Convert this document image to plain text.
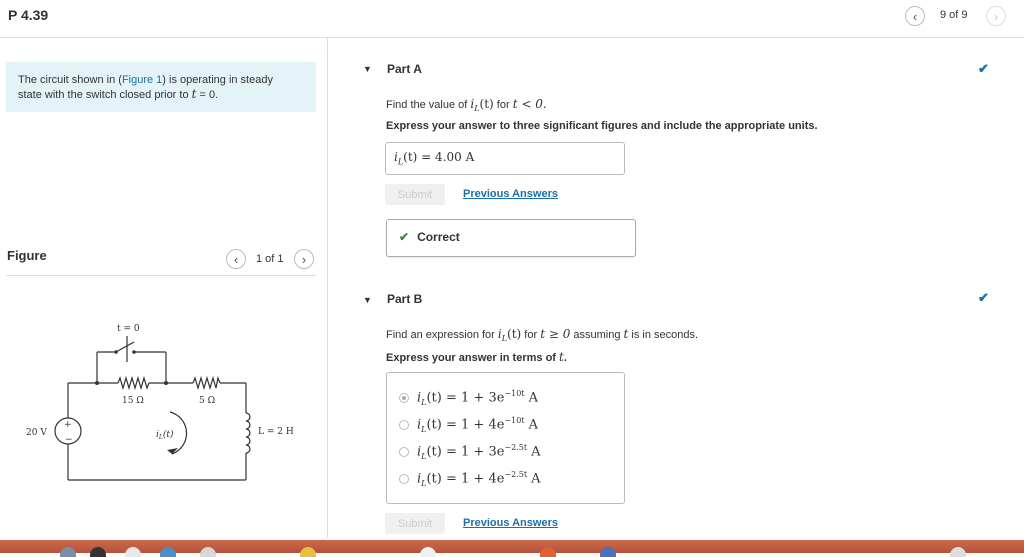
P 4.39	‹ 9 of 9 ›
The circuit shown in (Figure 1) is operating in steady
state with the switch closed prior to t = 0.
Figure	‹ 1 of 1 ›
t = 0
15 Ω	5 Ω
20 V	L = 2 H
+
−	$i_L(t)$
▼ Part A	✔
Find the value of $i_L(t)$ for t < 0.
Express your answer to three significant figures and include the appropriate units.
$i_L(t) = 4.00$ A
Submit	Previous Answers
✔ Correct
▼ Part B	✔
Find an expression for $i_L(t)$ for t ≥ 0 assuming t is in seconds.
Express your answer in terms of t.
$i_L(t) = 1 + 3e^{-10t}$ A
$i_L(t) = 1 + 4e^{-10t}$ A
$i_L(t) = 1 + 3e^{-2.5t}$ A
$i_L(t) = 1 + 4e^{-2.5t}$ A
Submit	Previous Answers
